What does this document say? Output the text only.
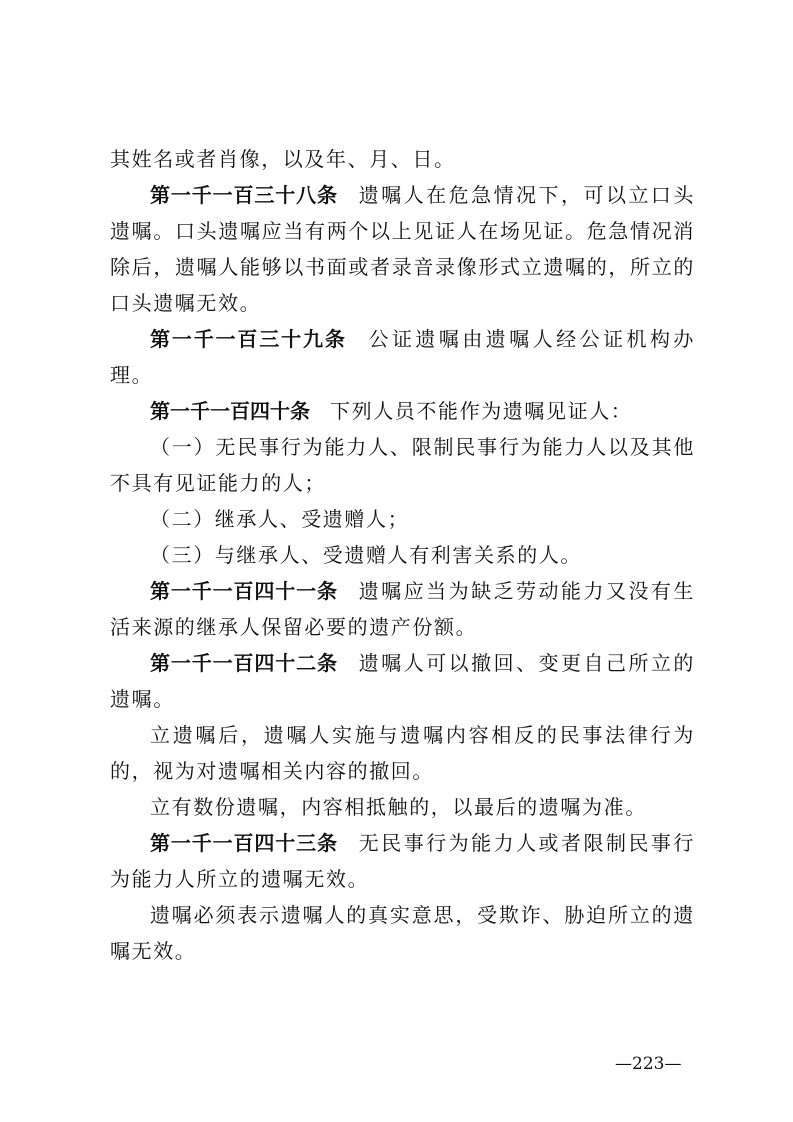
其姓名或者肖像，以及年、月、日。

第一千一百三十八条 遗嘱人在危急情况下，可以立口头遗嘱。口头遗嘱应当有两个以上见证人在场见证。危急情况消除后，遗嘱人能够以书面或者录音录像形式立遗嘱的，所立的口头遗嘱无效。

第一千一百三十九条 公证遗嘱由遗嘱人经公证机构办理。

第一千一百四十条 下列人员不能作为遗嘱见证人：

（一）无民事行为能力人、限制民事行为能力人以及其他不具有见证能力的人；

（二）继承人、受遗赠人；

（三）与继承人、受遗赠人有利害关系的人。

第一千一百四十一条 遗嘱应当为缺乏劳动能力又没有生活来源的继承人保留必要的遗产份额。

第一千一百四十二条 遗嘱人可以撤回、变更自己所立的遗嘱。

立遗嘱后，遗嘱人实施与遗嘱内容相反的民事法律行为的，视为对遗嘱相关内容的撤回。

立有数份遗嘱，内容相抵触的，以最后的遗嘱为准。

第一千一百四十三条 无民事行为能力人或者限制民事行为能力人所立的遗嘱无效。

遗嘱必须表示遗嘱人的真实意思，受欺诈、胁迫所立的遗嘱无效。

—223—
